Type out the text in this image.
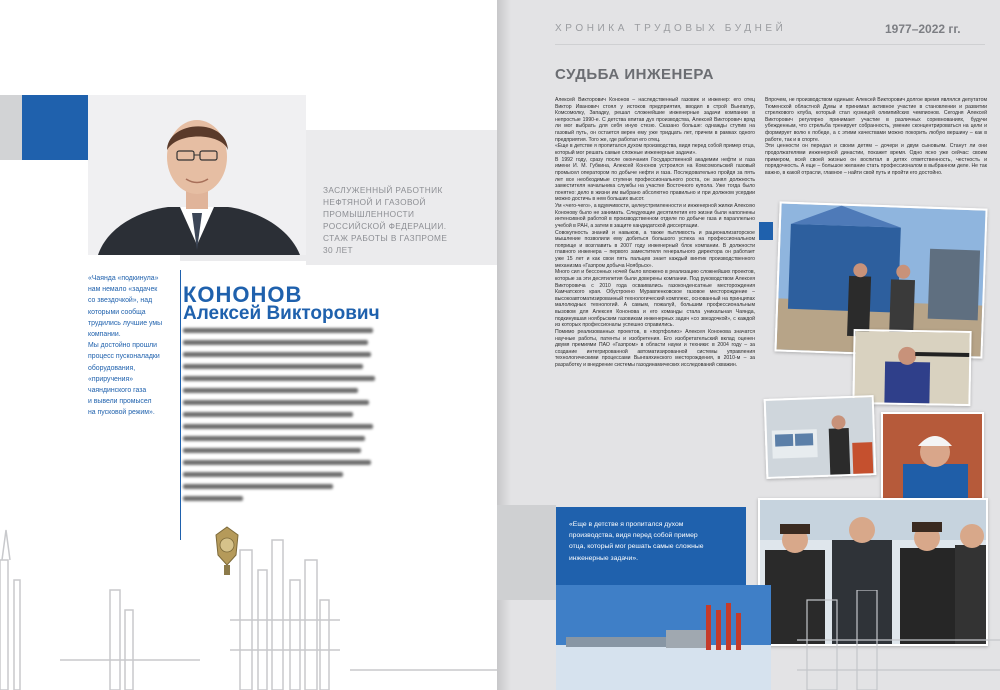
ЗАСЛУЖЕННЫЙ РАБОТНИК
НЕФТЯНОЙ И ГАЗОВОЙ
ПРОМЫШЛЕННОСТИ
РОССИЙСКОЙ ФЕДЕРАЦИИ.
СТАЖ РАБОТЫ В ГАЗПРОМЕ
30 ЛЕТ

«Чаянда «подкинула»

нам немало «задачек

со звездочкой», над

которыми сообща

трудились лучшие умы

компании.

Мы достойно прошли

процесс пусконаладки

оборудования,

«приручения»

чаяндинского газа

и вывели промысел

на пусковой режим».

КОНОНОВ
Алексей Викторович
ХРОНИКА ТРУДОВЫХ БУДНЕЙ	1977–2022 гг.
СУДЬБА ИНЖЕНЕРА

Алексей Викторович Кононов – наследственный газовик и инженер: его отец Виктор Иванович стоял у истоков предприятия, вводил в строй Вынгапур, Комсомолку, Западку, решал сложнейшие инженерные задачи компании в непростые 1990-е. С детства впитав дух производства, Алексей Викторович вряд ли мог выбрать для себя иную стезю. Сказано больше: однажды ступив на газовый путь, он остается верен ему уже тридцать лет, причем в рамках одного предприятия. Того же, где работал его отец.

«Еще в детстве я пропитался духом производства, видя перед собой пример отца, который мог решать самые сложные инженерные задачи».

В 1992 году, сразу после окончания Государственной академии нефти и газа имени И. М. Губкина, Алексей Кононов устроился на Комсомольский газовый промысел оператором по добыче нефти и газа. Последовательно пройдя за пять лет все необходимые ступени профессионального роста, он занял должность заместителя начальника службы на участке Восточного купола. Уже тогда было понятно: дело в жизни им выбрано абсолютно правильно и при должном усердии можно достичь в нем больших высот.

Ум «чего-чего», а вдумчивости, целеустремленности и инженерной жилки Алексею Кононову было не занимать. Следующие десятилетия его жизни были наполнены интенсивной работой в производственном отделе по добыче газа и параллельно учебой в РАН, а затем в защите кандидатской диссертации.

Совокупность знаний и навыков, а также пытливость и рационализаторское мышление позволили ему добиться большого успеха на профессиональном поприще и возглавить в 2007 году инженерный блок компании. В должности главного инженера – первого заместителя генерального директора он работает уже 15 лет и как свои пять пальцев знает каждый винтик производственного механизма «Газпром добыча Ноябрьск».

Много сил и бессонных ночей было вложено в реализацию сложнейших проектов, которые за эти десятилетия были доверены компании. Под руководством Алексея Викторовича с 2010 года осваивались газоконденсатные месторождения Камчатского края. Обустроено Муравленковское газовое месторождение – высокоавтоматизированный технологический комплекс, основанный на принципах малолюдных технологий. А самым, пожалуй, большим профессиональным вызовом для Алексея Кононова и его команды стала уникальная Чаянда, подкинувшая ноябрьским газовикам инженерных задач «со звездочкой», с каждой из которых профессионалы успешно справились.

Помимо реализованных проектов, в «портфолио» Алексея Кононова значатся научные работы, патенты и изобретения. Его изобретательский вклад оценен двумя премиями ПАО «Газпром» в области науки и техники: в 2004 году – за создание интегрированной автоматизированной системы управления технологическими процессами Вынгаяхинского месторождения, в 2010-м – за разработку и внедрение системы газодинамических исследований скважин.

Впрочем, не производством единым: Алексей Викторович долгое время являлся депутатом Тюменской областной Думы и принимал активное участие в становлении и развитии стрелкового клуба, который стал кузницей олимпийских чемпионов. Сегодня Алексей Викторович регулярно принимает участие в различных соревнованиях, будучи убежденным, что стрельба тренирует собранность, умение сконцентрироваться на цели и формирует волю к победе, а с этими качествами можно покорить любую вершину – как в работе, так и в спорте.

Эти ценности он передал и своим детям – дочери и двум сыновьям. Станут ли они продолжателями инженерной династии, покажет время. Одно ясно уже сейчас: своим примером, всей своей жизнью он воспитал в детях ответственность, честность и порядочность. А еще – большое желание стать профессионалом в выбранном деле. Не так важно, в какой отрасли, главное – найти свой путь и пройти его достойно.

«Еще в детстве я пропитался духом
производства, видя перед собой пример
отца, который мог решать самые сложные
инженерные задачи».
